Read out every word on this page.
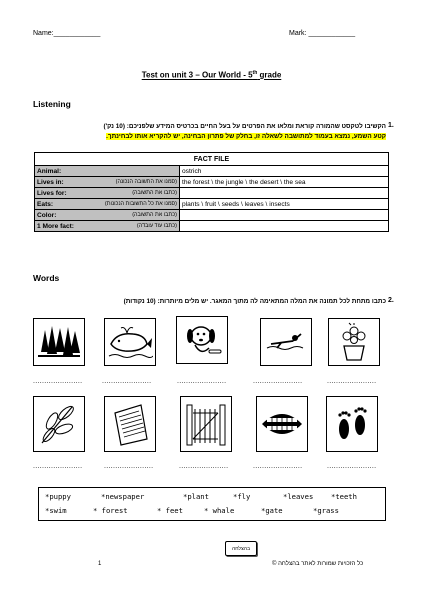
Name:____________	Mark: ____________
Test on unit 3 – Our World - 5th grade
Listening
הקשיבו לטקסט שהמורה קוראת ומלאו את הפרטים על בעל החיים בכרטיס המידע שלפניכם: (10 נק') 1.
קטע השמע, נמצא בעמוד למתושבה לשאלה זו, בחלק של פתרון הבחינה, יש להקריא אותו לבחינתך.
FACT FILE	
Animal:	ostrich
Lives in: (סמנו את התשובה הנכונה)	the forest \ the jungle \ the desert \ the sea
Lives for: (כתבו את התשובה)	

Eats: (סמנו את כל התשובות הנכונות)	plants \ fruit \ seeds \ leaves \ insects
Color: (כתבו את התשובה)	

1 More fact: (כתבו עוד עובדה)	

Words
כתבו מתחת לכל תמונה את המלה המתאימה לה מתוך המאגר. יש מלים מיותרות: (10 נקודות) 2.
......................	......................	......................	......................	......................
......................	......................	......................	......................	......................
*puppy	*newspaper	*plant	*fly	*leaves *teeth
*swim	* forest	* feet	* whale	*gate	*grass
1
בהצלחה
כל הזכויות שמורות לאתר בהצלחה ©
